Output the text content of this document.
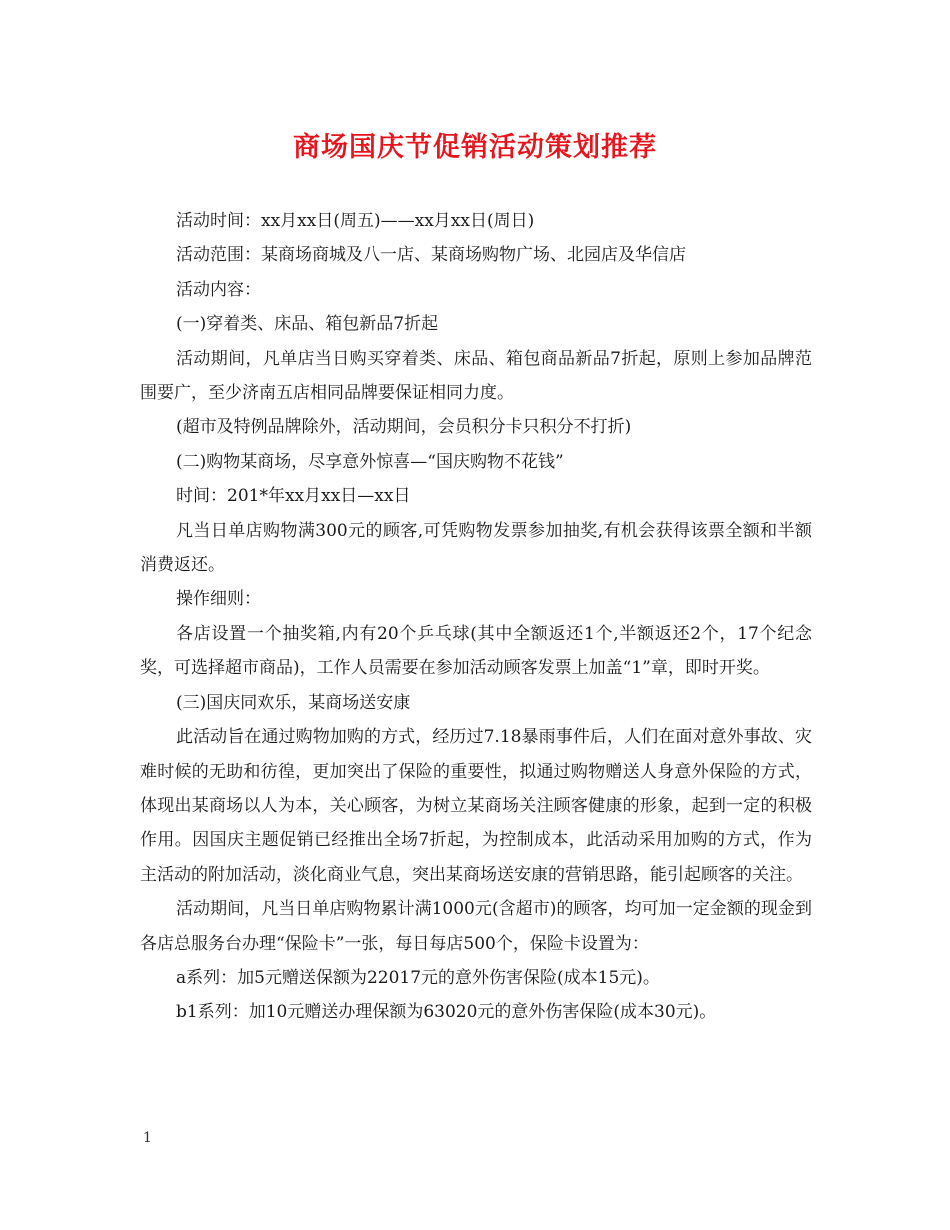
商场国庆节促销活动策划推荐

活动时间：xx月xx日(周五)——xx月xx日(周日)

活动范围：某商场商城及八一店、某商场购物广场、北园店及华信店

活动内容：

(一)穿着类、床品、箱包新品7折起

活动期间，凡单店当日购买穿着类、床品、箱包商品新品7折起，原则上参加品牌范围要广，至少济南五店相同品牌要保证相同力度。

(超市及特例品牌除外，活动期间，会员积分卡只积分不打折)

(二)购物某商场，尽享意外惊喜—“国庆购物不花钱”

时间：201*年xx月xx日—xx日

凡当日单店购物满300元的顾客,可凭购物发票参加抽奖,有机会获得该票全额和半额消费返还。

操作细则：

各店设置一个抽奖箱,内有20个乒乓球(其中全额返还1个,半额返还2个，17个纪念奖，可选择超市商品)，工作人员需要在参加活动顾客发票上加盖“1”章，即时开奖。

(三)国庆同欢乐，某商场送安康

此活动旨在通过购物加购的方式，经历过7.18暴雨事件后，人们在面对意外事故、灾难时候的无助和彷徨，更加突出了保险的重要性，拟通过购物赠送人身意外保险的方式，体现出某商场以人为本，关心顾客，为树立某商场关注顾客健康的形象，起到一定的积极作用。因国庆主题促销已经推出全场7折起，为控制成本，此活动采用加购的方式，作为主活动的附加活动，淡化商业气息，突出某商场送安康的营销思路，能引起顾客的关注。

活动期间，凡当日单店购物累计满1000元(含超市)的顾客，均可加一定金额的现金到各店总服务台办理“保险卡”一张，每日每店500个，保险卡设置为：

a系列：加5元赠送保额为22017元的意外伤害保险(成本15元)。

b1系列：加10元赠送办理保额为63020元的意外伤害保险(成本30元)。

1
